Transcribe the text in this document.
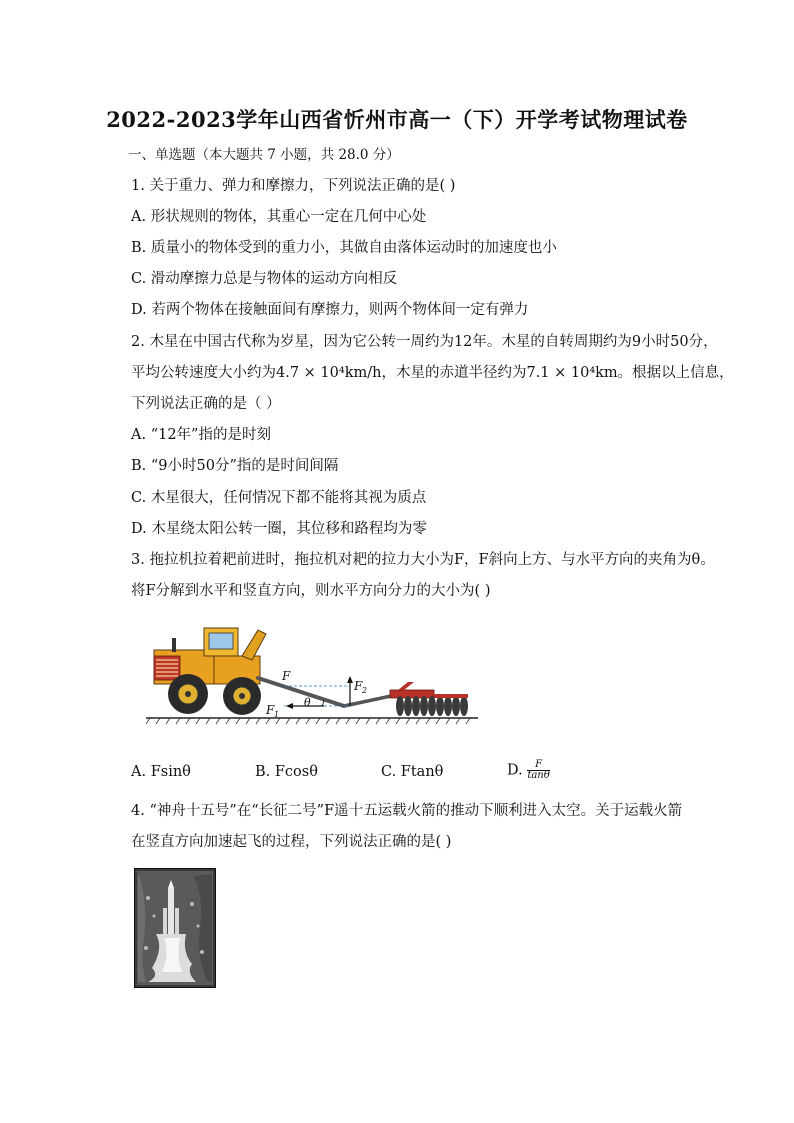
2022-2023学年山西省忻州市高一（下）开学考试物理试卷
一、单选题（本大题共 7 小题，共 28.0 分）
1. 关于重力、弹力和摩擦力，下列说法正确的是( )
A. 形状规则的物体，其重心一定在几何中心处
B. 质量小的物体受到的重力小，其做自由落体运动时的加速度也小
C. 滑动摩擦力总是与物体的运动方向相反
D. 若两个物体在接触面间有摩擦力，则两个物体间一定有弹力
2. 木星在中国古代称为岁星，因为它公转一周约为12年。木星的自转周期约为9小时50分，
平均公转速度大小约为4.7 × 10⁴km/h，木星的赤道半径约为7.1 × 10⁴km。根据以上信息，
下列说法正确的是（ ）
A. “12年”指的是时刻
B. “9小时50分”指的是时间间隔
C. 木星很大，任何情况下都不能将其视为质点
D. 木星绕太阳公转一圈，其位移和路程均为零
3. 拖拉机拉着耙前进时，拖拉机对耙的拉力大小为F，F斜向上方、与水平方向的夹角为θ。
将F分解到水平和竖直方向，则水平方向分力的大小为( )
F
F 2
F 1
θ
A. Fsinθ	B. Fcosθ	C. Ftanθ	D. $\frac{F}{\tan\theta}$
4. “神舟十五号”在“长征二号”F遥十五运载火箭的推动下顺利进入太空。关于运载火箭
在竖直方向加速起飞的过程，下列说法正确的是( )
